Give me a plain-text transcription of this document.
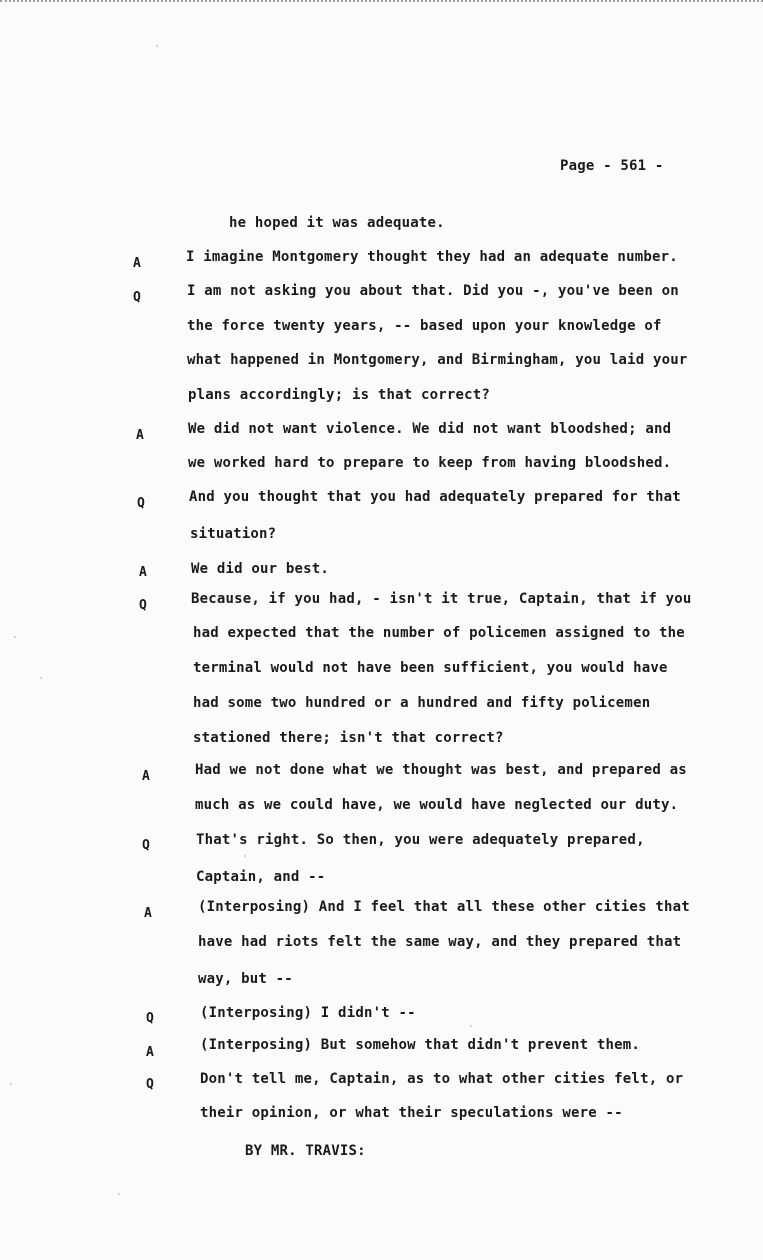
Page - 561 -
A
Q
A
Q
A
Q
A
Q
A
Q
A
Q
he hoped it was adequate.
I imagine Montgomery thought they had an adequate number.
I am not asking you about that. Did you -, you've been on
the force twenty years, -- based upon your knowledge of
what happened in Montgomery, and Birmingham, you laid your
plans accordingly; is that correct?
We did not want violence. We did not want bloodshed; and
we worked hard to prepare to keep from having bloodshed.
And you thought that you had adequately prepared for that
situation?
We did our best.
Because, if you had, - isn't it true, Captain, that if you
had expected that the number of policemen assigned to the
terminal would not have been sufficient, you would have
had some two hundred or a hundred and fifty policemen
stationed there; isn't that correct?
Had we not done what we thought was best, and prepared as
much as we could have, we would have neglected our duty.
That's right. So then, you were adequately prepared,
Captain, and --
(Interposing) And I feel that all these other cities that
have had riots felt the same way, and they prepared that
way, but --
(Interposing) I didn't --
(Interposing) But somehow that didn't prevent them.
Don't tell me, Captain, as to what other cities felt, or
their opinion, or what their speculations were --
BY MR. TRAVIS:
